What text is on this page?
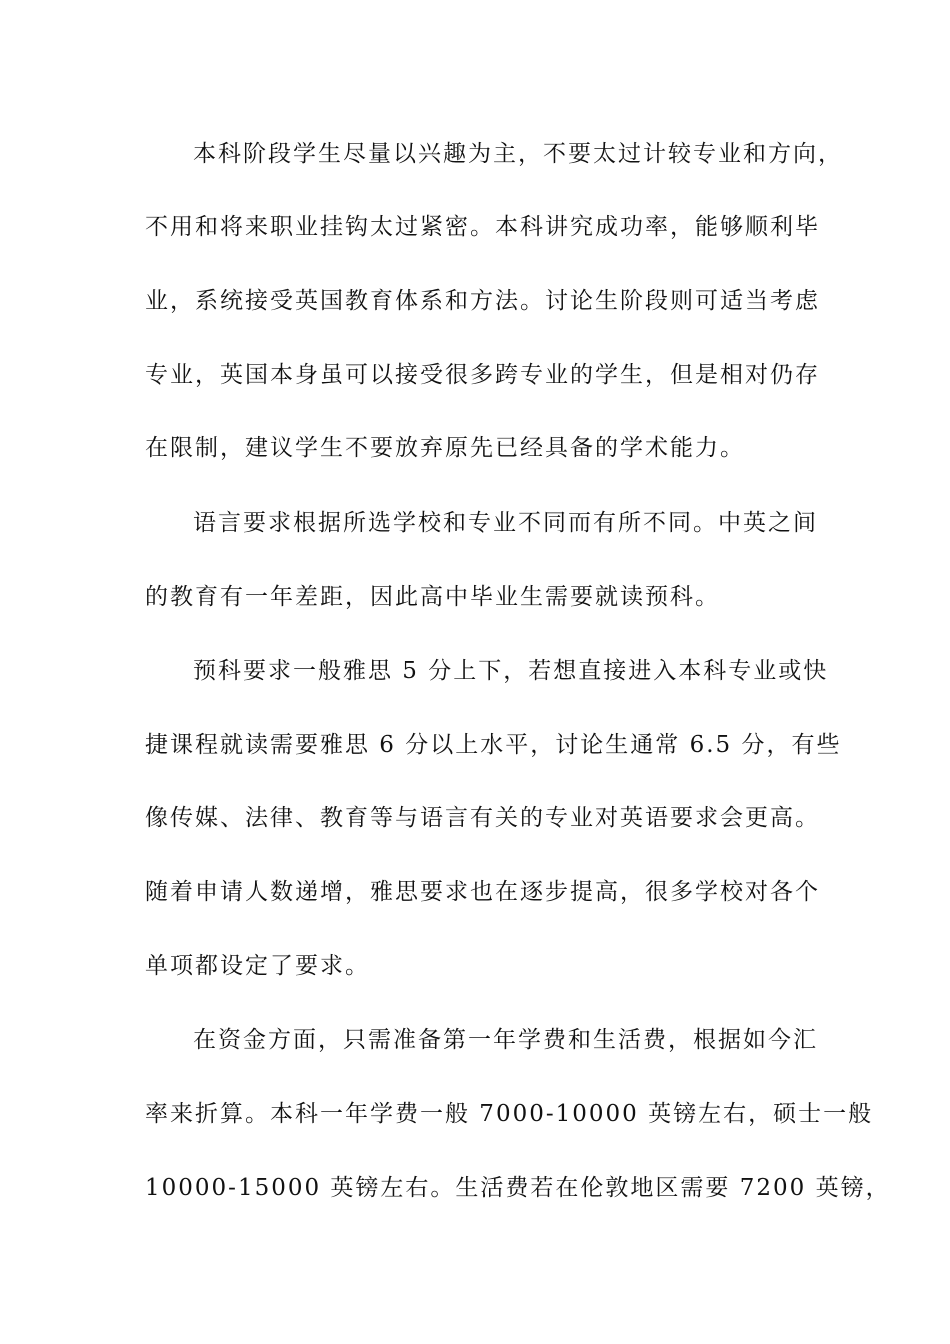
本科阶段学生尽量以兴趣为主，不要太过计较专业和方向，
不用和将来职业挂钩太过紧密。本科讲究成功率，能够顺利毕
业，系统接受英国教育体系和方法。讨论生阶段则可适当考虑
专业，英国本身虽可以接受很多跨专业的学生，但是相对仍存
在限制，建议学生不要放弃原先已经具备的学术能力。
语言要求根据所选学校和专业不同而有所不同。中英之间
的教育有一年差距，因此高中毕业生需要就读预科。
预科要求一般雅思 5 分上下，若想直接进入本科专业或快
捷课程就读需要雅思 6 分以上水平，讨论生通常 6.5 分，有些
像传媒、法律、教育等与语言有关的专业对英语要求会更高。
随着申请人数递增，雅思要求也在逐步提高，很多学校对各个
单项都设定了要求。
在资金方面，只需准备第一年学费和生活费，根据如今汇
率来折算。本科一年学费一般 7000-10000 英镑左右，硕士一般
10000-15000 英镑左右。生活费若在伦敦地区需要 7200 英镑，
